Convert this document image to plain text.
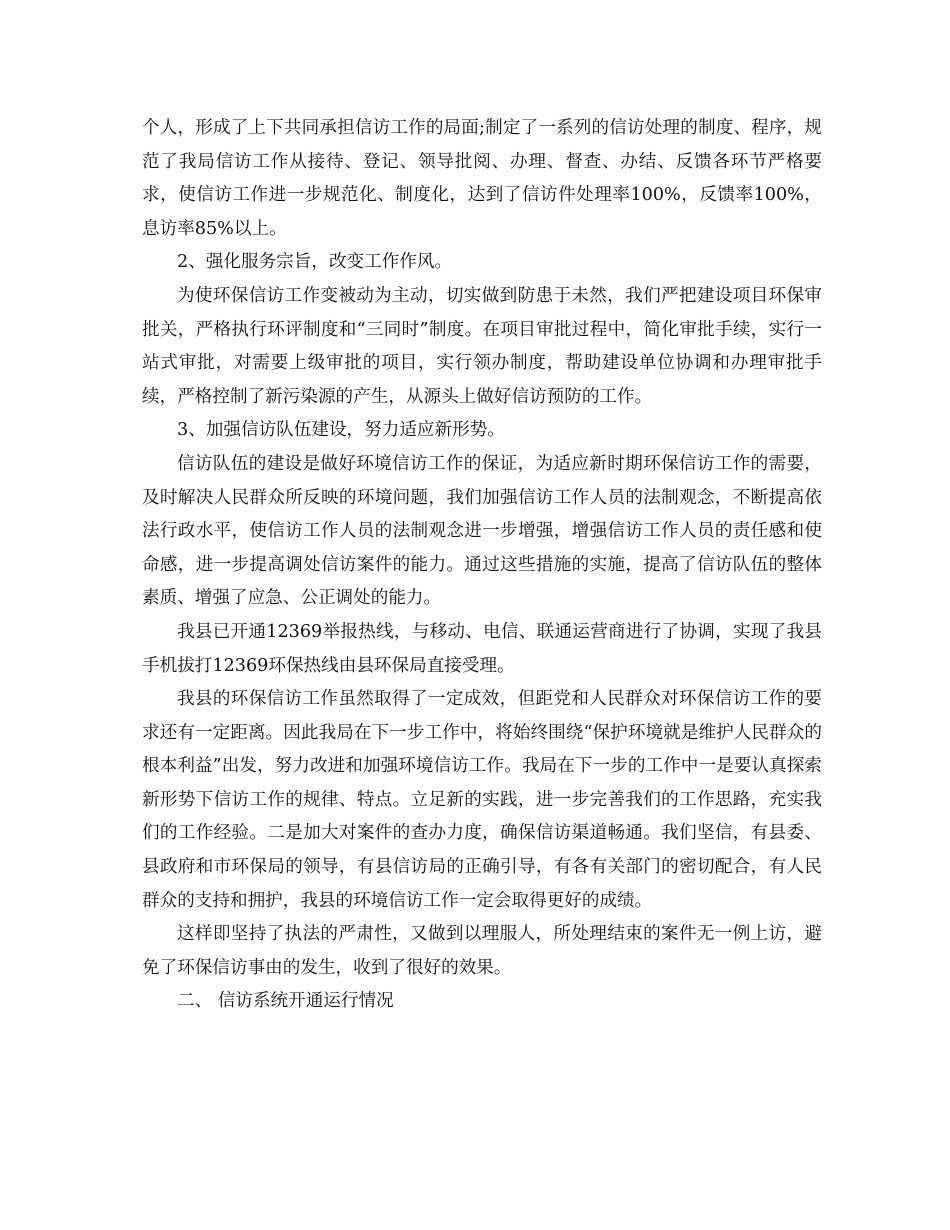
个人，形成了上下共同承担信访工作的局面;制定了一系列的信访处理的制度、程序，规范了我局信访工作从接待、登记、领导批阅、办理、督查、办结、反馈各环节严格要求，使信访工作进一步规范化、制度化，达到了信访件处理率100%，反馈率100%，息访率85%以上。

2、强化服务宗旨，改变工作作风。

为使环保信访工作变被动为主动，切实做到防患于未然，我们严把建设项目环保审批关，严格执行环评制度和“三同时”制度。在项目审批过程中，简化审批手续，实行一站式审批，对需要上级审批的项目，实行领办制度，帮助建设单位协调和办理审批手续，严格控制了新污染源的产生，从源头上做好信访预防的工作。

3、加强信访队伍建设，努力适应新形势。

信访队伍的建设是做好环境信访工作的保证，为适应新时期环保信访工作的需要，及时解决人民群众所反映的环境问题，我们加强信访工作人员的法制观念，不断提高依法行政水平，使信访工作人员的法制观念进一步增强，增强信访工作人员的责任感和使命感，进一步提高调处信访案件的能力。通过这些措施的实施，提高了信访队伍的整体素质、增强了应急、公正调处的能力。

我县已开通12369举报热线，与移动、电信、联通运营商进行了协调，实现了我县手机拔打12369环保热线由县环保局直接受理。

我县的环保信访工作虽然取得了一定成效，但距党和人民群众对环保信访工作的要求还有一定距离。因此我局在下一步工作中，将始终围绕“保护环境就是维护人民群众的根本利益”出发，努力改进和加强环境信访工作。我局在下一步的工作中一是要认真探索新形势下信访工作的规律、特点。立足新的实践，进一步完善我们的工作思路，充实我们的工作经验。二是加大对案件的查办力度，确保信访渠道畅通。我们坚信，有县委、县政府和市环保局的领导，有县信访局的正确引导，有各有关部门的密切配合，有人民群众的支持和拥护，我县的环境信访工作一定会取得更好的成绩。

这样即坚持了执法的严肃性，又做到以理服人，所处理结束的案件无一例上访，避免了环保信访事由的发生，收到了很好的效果。

二、 信访系统开通运行情况
